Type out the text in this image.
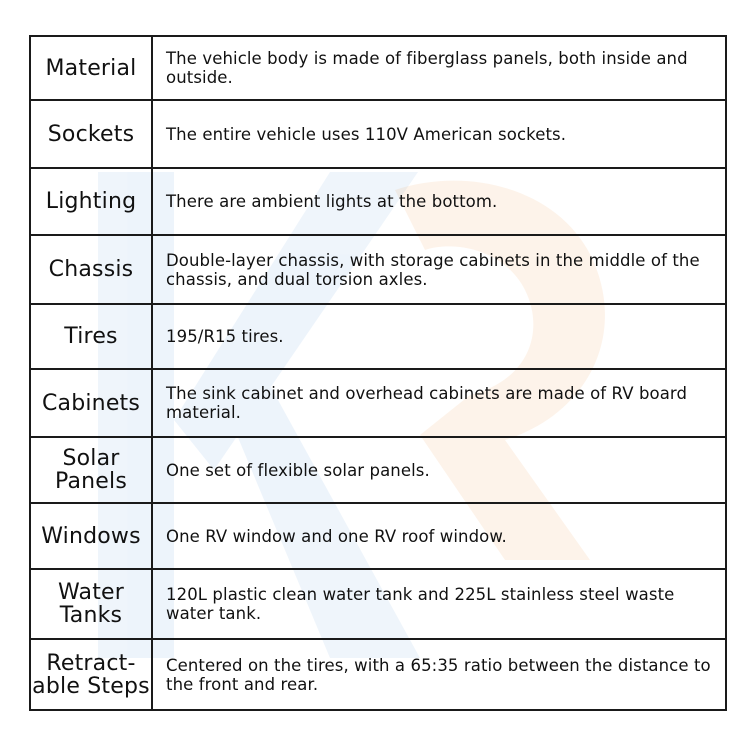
Material	The vehicle body is made of fiberglass panels, both inside and outside.
Sockets	The entire vehicle uses 110V American sockets.
Lighting	There are ambient lights at the bottom.
Chassis	Double-layer chassis, with storage cabinets in the middle of the chassis, and dual torsion axles.
Tires	195/R15 tires.
Cabinets	The sink cabinet and overhead cabinets are made of RV board material.
Solar Panels	One set of flexible solar panels.
Windows	One RV window and one RV roof window.
Water Tanks	120L plastic clean water tank and 225L stainless steel waste water tank.
Retract- able Steps	Centered on the tires, with a 65:35 ratio between the distance to the front and rear.
